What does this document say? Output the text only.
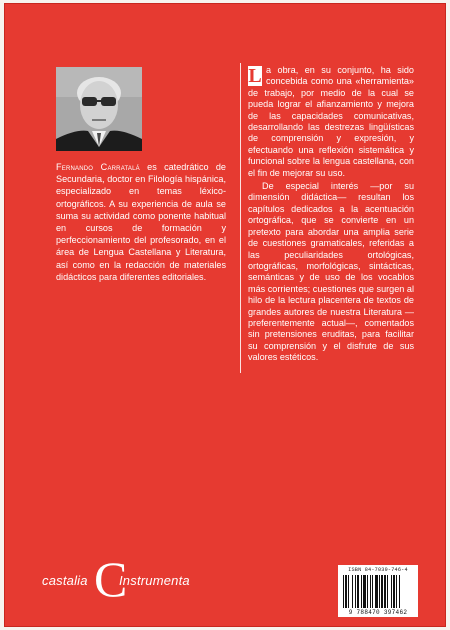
Fernando Carratalá es catedrático de Secundaria, doctor en Filología hispánica, especializado en temas léxico-ortográficos. A su experiencia de aula se suma su actividad como ponente habitual en cursos de formación y perfeccionamiento del profesorado, en el área de Lengua Castellana y Literatura, así como en la redacción de materiales didácticos para diferentes editoriales.

L a obra, en su conjunto, ha sido concebida como una «herramienta» de trabajo, por medio de la cual se pueda lograr el afianzamiento y mejora de las capacidades comunicativas, desarrollando las destrezas lingüísticas de comprensión y expresión, y efectuando una reflexión sistemática y funcional sobre la lengua castellana, con el fin de mejorar su uso.

De especial interés —por su dimensión didáctica— resultan los capítulos dedicados a la acentuación ortográfica, que se convierte en un pretexto para abordar una amplia serie de cuestiones gramaticales, referidas a las peculiaridades ortológicas, ortográficas, morfológicas, sintácticas, semánticas y de uso de los vocablos más corrientes; cuestiones que surgen al hilo de la lectura placentera de textos de grandes autores de nuestra Literatura —preferentemente actual—, comentados sin pretensiones eruditas, para facilitar su comprensión y el disfrute de sus valores estéticos.

castalia C
Instrumenta
ISBN 84-7039-746-4
9 788470 397462
